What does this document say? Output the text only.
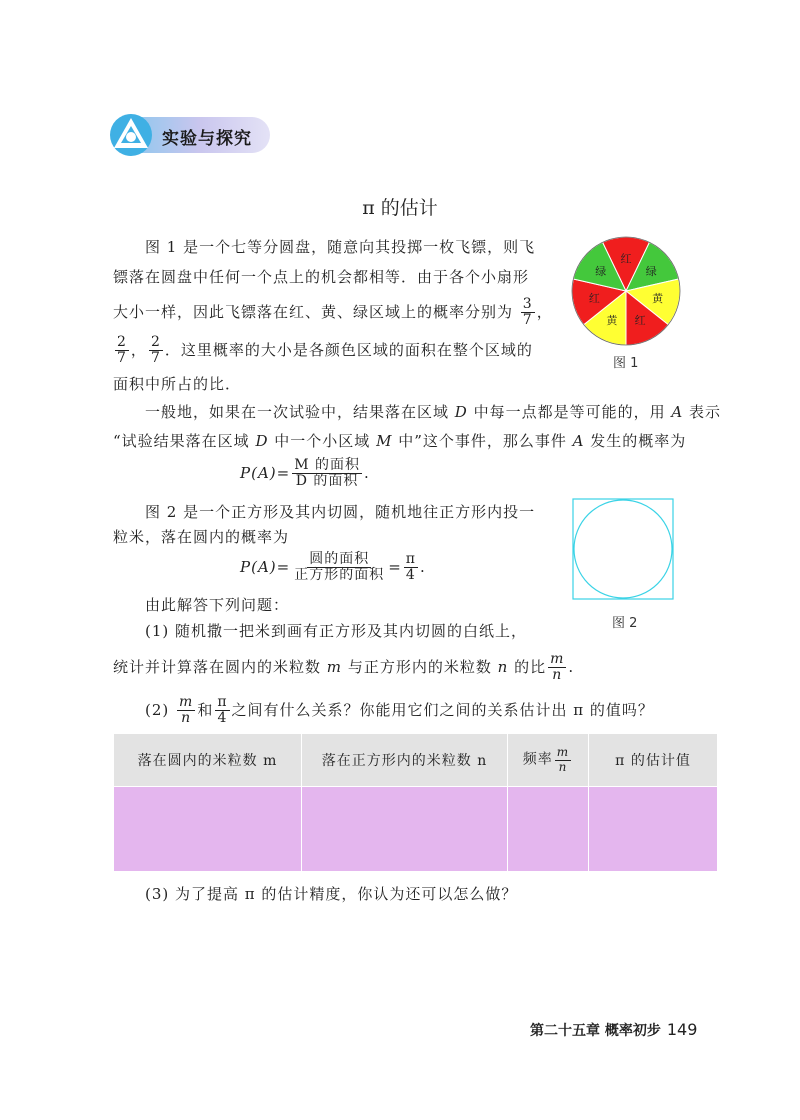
实验与探究
π 的估计
图 1 是一个七等分圆盘，随意向其投掷一枚飞镖，则飞
镖落在圆盘中任何一个点上的机会都相等．由于各个小扇形
大小一样，因此飞镖落在红、黄、绿区域上的概率分别为 $\frac{3}{7}$ ，
$\frac{2}{7}$ ， $\frac{2}{7}$ ．这里概率的大小是各颜色区域的面积在整个区域的
面积中所占的比．
红
绿
黄
红
黄
红
绿
图 1
一般地，如果在一次试验中，结果落在区域 D 中每一点都是等可能的，用 A 表示
“试验结果落在区域 D 中一个小区域 M 中”这个事件，那么事件 A 发生的概率为
$P(A)= \frac{\text{M 的面积}}{\text{D 的面积}}$ .
图 2 是一个正方形及其内切圆，随机地往正方形内投一
粒米，落在圆内的概率为
$P(A)= \frac{\text{圆的面积}}{\text{正方形的面积}} = \frac{\pi}{4}$ .
图 2
由此解答下列问题：
(1) 随机撒一把米到画有正方形及其内切圆的白纸上，
统计并计算落在圆内的米粒数 m 与正方形内的米粒数 n 的比 $\frac{m}{n}$ .
$(2) \frac{m}{n}$ 和 $\frac{\pi}{4}$ 之间有什么关系？你能用它们之间的关系估计出 π 的值吗？
落在圆内的米粒数 m	落在正方形内的米粒数 n	频率 $\frac{m}{n}$	π 的估计值

(3) 为了提高 π 的估计精度，你认为还可以怎么做？
第二十五章 概率初步 149
